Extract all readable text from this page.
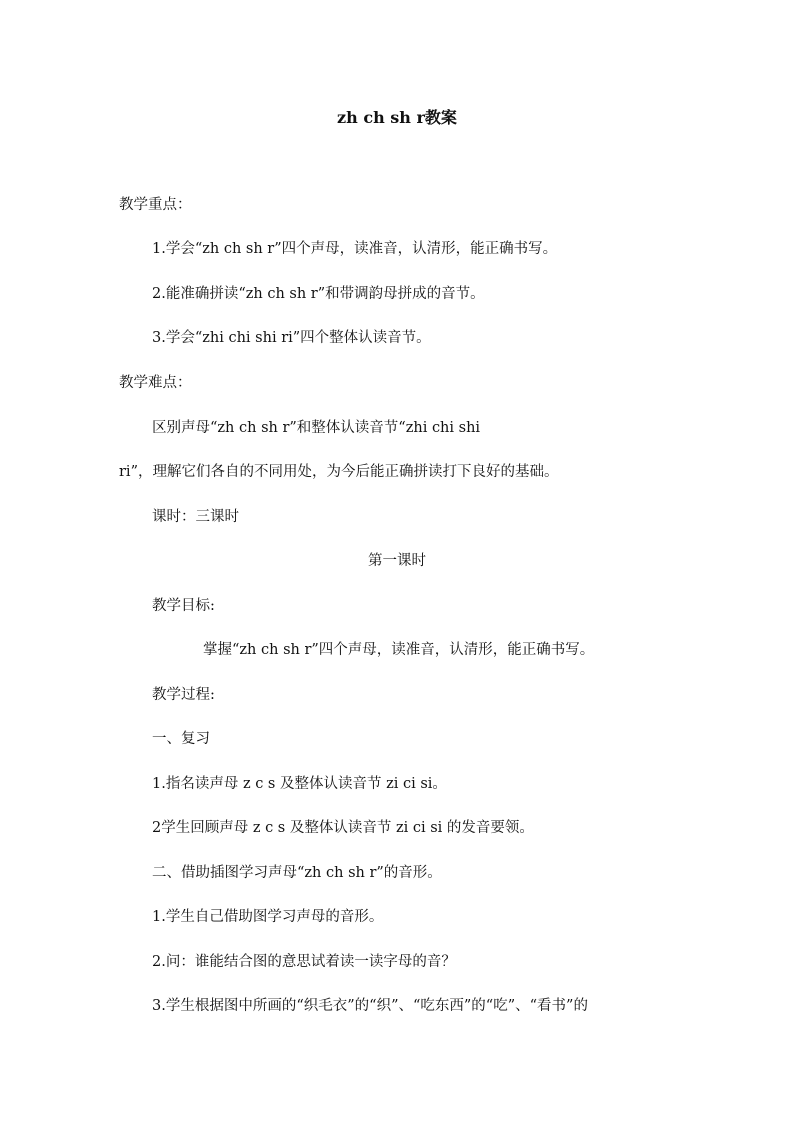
zh ch sh r教案
教学重点：
1.学会“zh ch sh r”四个声母，读准音，认清形，能正确书写。
2.能准确拼读“zh ch sh r”和带调韵母拼成的音节。
3.学会“zhi chi shi ri”四个整体认读音节。
教学难点：
区别声母“zh ch sh r”和整体认读音节“zhi chi shi
ri”，理解它们各自的不同用处，为今后能正确拼读打下良好的基础。
课时：三课时
第一课时
教学目标:
掌握“zh ch sh r”四个声母，读准音，认清形，能正确书写。
教学过程:
一、复习
1.指名读声母 z c s 及整体认读音节 zi ci si。
2学生回顾声母 z c s 及整体认读音节 zi ci si 的发音要领。
二、借助插图学习声母“zh ch sh r”的音形。
1.学生自己借助图学习声母的音形。
2.问：谁能结合图的意思试着读一读字母的音？
3.学生根据图中所画的“织毛衣”的“织”、“吃东西”的“吃”、“看书”的
